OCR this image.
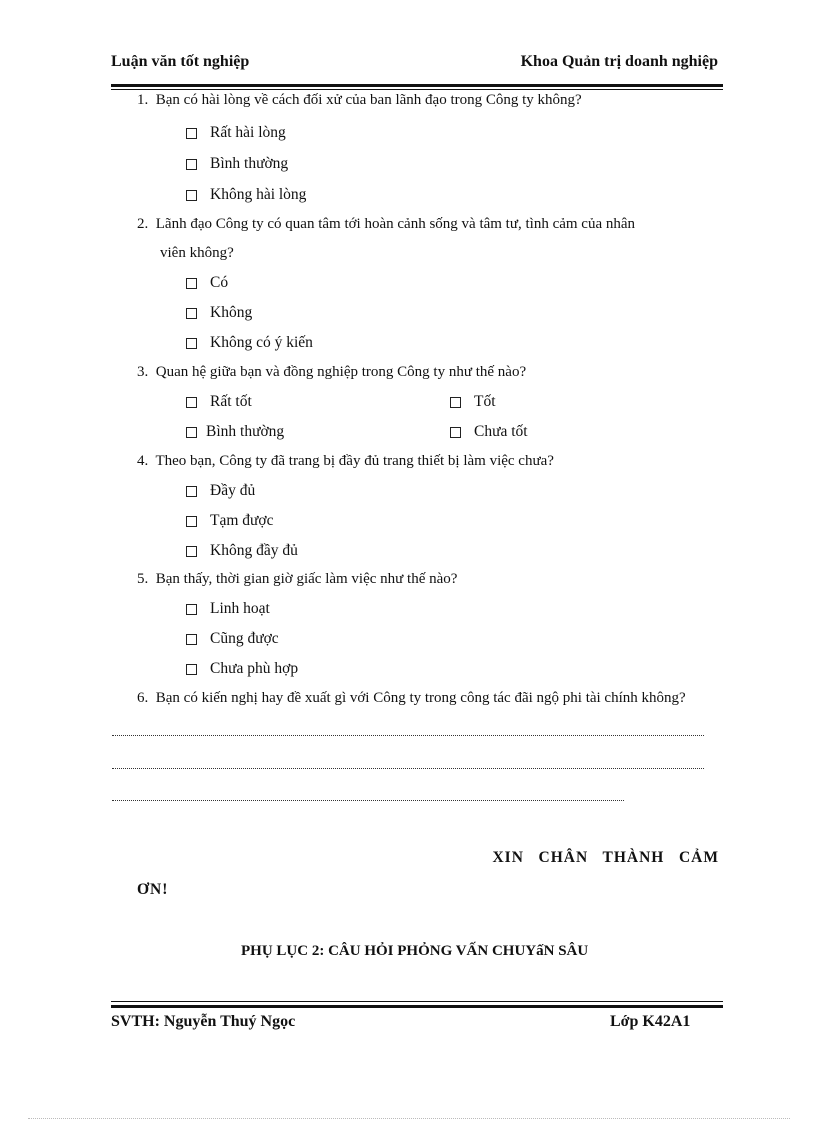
Luận văn tốt nghiệp	Khoa Quản trị doanh nghiệp
1. Bạn có hài lòng về cách đối xử của ban lãnh đạo trong Công ty không?
Rất hài lòng
Bình thường
Không hài lòng
2. Lãnh đạo Công ty có quan tâm tới hoàn cảnh sống và tâm tư, tình cảm của nhân
viên không?
Có
Không
Không có ý kiến
3. Quan hệ giữa bạn và đồng nghiệp trong Công ty như thế nào?
Rất tốt	Tốt
Bình thường	Chưa tốt
4. Theo bạn, Công ty đã trang bị đầy đủ trang thiết bị làm việc chưa?
Đầy đủ
Tạm được
Không đầy đủ
5. Bạn thấy, thời gian giờ giấc làm việc như thế nào?
Linh hoạt
Cũng được
Chưa phù hợp
6. Bạn có kiến nghị hay đề xuất gì với Công ty trong công tác đãi ngộ phi tài chính không?
XIN   CHÂN   THÀNH   CẢM
ƠN!
PHỤ LỤC 2: CÂU HỎI PHỎNG VẤN CHUYấN SÂU
SVTH: Nguyễn Thuý Ngọc	Lớp K42A1
